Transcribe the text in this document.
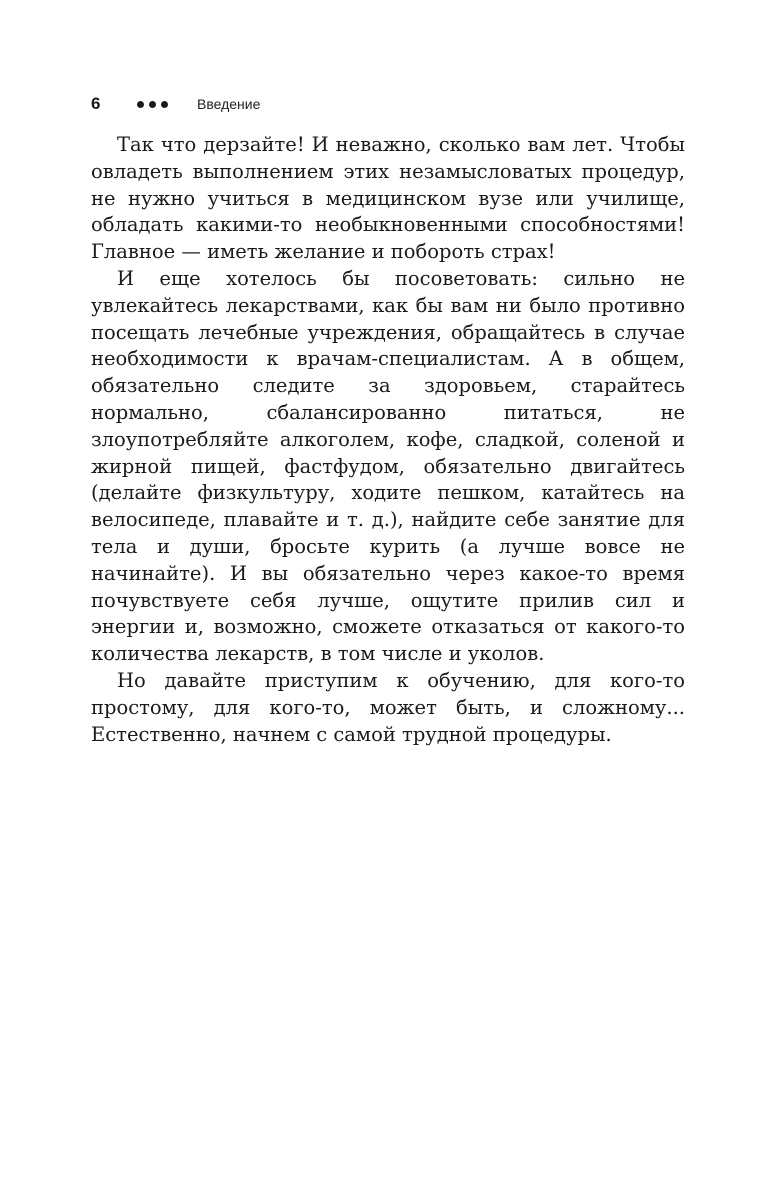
6	Введение

Так что дерзайте! И неважно, сколько вам лет. Чтобы овладеть выполнением этих незамысловатых процедур, не нужно учиться в медицинском вузе или училище, обладать какими-то необыкновенными способностями! Главное — иметь желание и побороть страх!

И еще хотелось бы посоветовать: сильно не увлекайтесь лекарствами, как бы вам ни было противно посещать лечебные учреждения, обращайтесь в случае необходимости к врачам-специалистам. А в общем, обязательно следите за здоровьем, старайтесь нормально, сбалансированно питаться, не злоупотребляйте алкоголем, кофе, сладкой, соленой и жирной пищей, фастфудом, обязательно двигайтесь (делайте физкультуру, ходите пешком, катайтесь на велосипеде, плавайте и т. д.), найдите себе занятие для тела и души, бросьте курить (а лучше вовсе не начинайте). И вы обязательно через какое-то время почувствуете себя лучше, ощутите прилив сил и энергии и, возможно, сможете отказаться от какого-то количества лекарств, в том числе и уколов.

Но давайте приступим к обучению, для кого-то простому, для кого-то, может быть, и сложному... Естественно, начнем с самой трудной процедуры.
